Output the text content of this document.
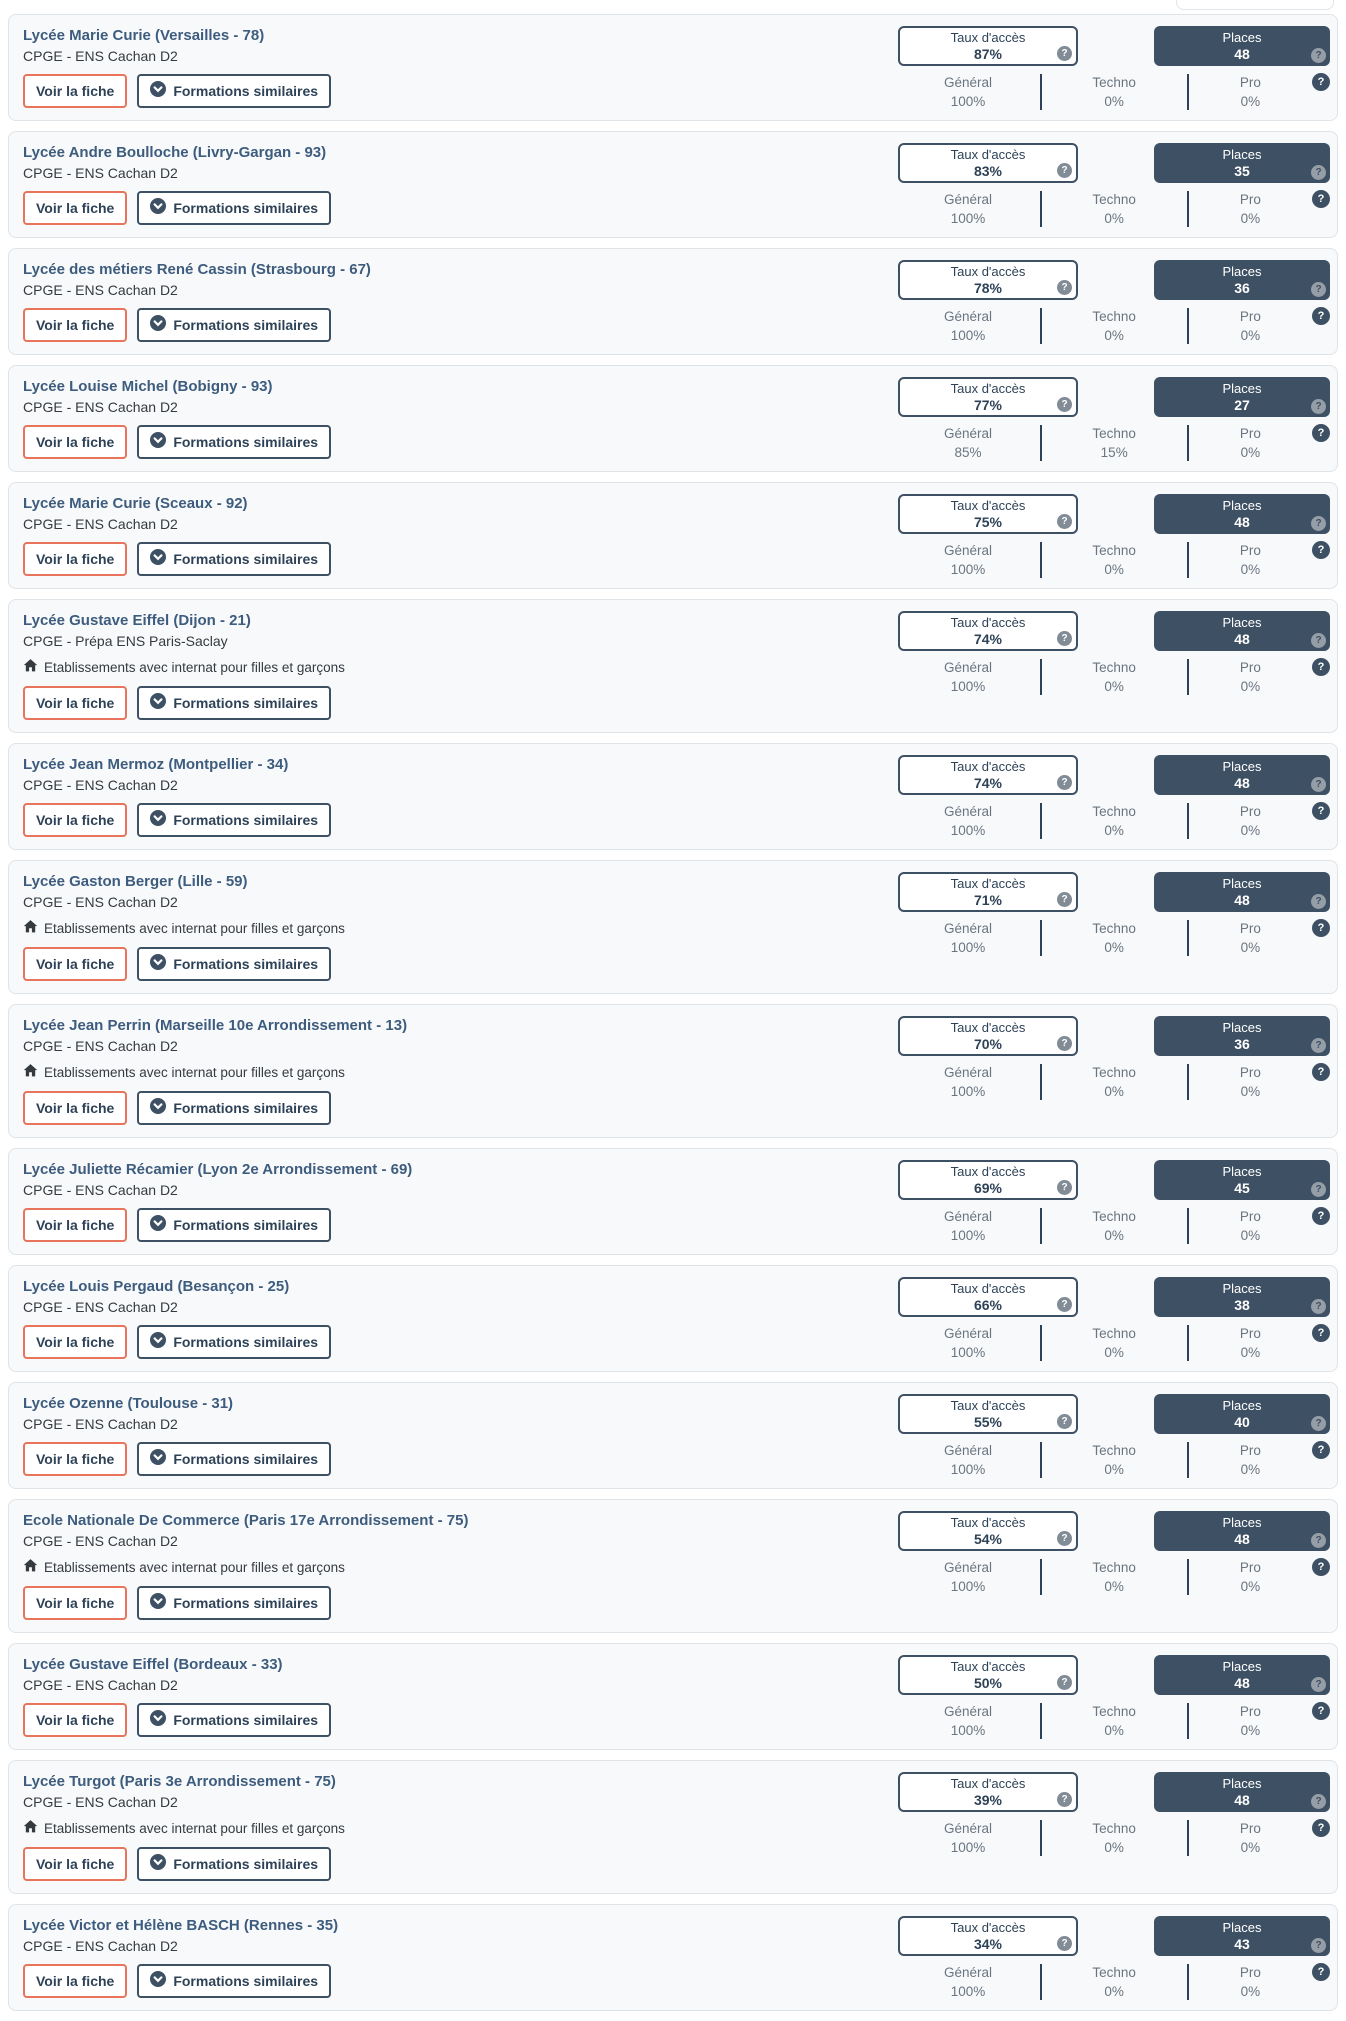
Lycée Marie Curie (Versailles - 78)
CPGE - ENS Cachan D2
Voir la fiche	Formations similaires
Taux d'accès
87%	?
Places
48	?
Général
100%
Techno
0%
Pro
0%
?
Lycée Andre Boulloche (Livry-Gargan - 93)
CPGE - ENS Cachan D2
Voir la fiche	Formations similaires
Taux d'accès
83%	?
Places
35	?
Général
100%
Techno
0%
Pro
0%
?
Lycée des métiers René Cassin (Strasbourg - 67)
CPGE - ENS Cachan D2
Voir la fiche	Formations similaires
Taux d'accès
78%	?
Places
36	?
Général
100%
Techno
0%
Pro
0%
?
Lycée Louise Michel (Bobigny - 93)
CPGE - ENS Cachan D2
Voir la fiche	Formations similaires
Taux d'accès
77%	?
Places
27	?
Général
85%
Techno
15%
Pro
0%
?
Lycée Marie Curie (Sceaux - 92)
CPGE - ENS Cachan D2
Voir la fiche	Formations similaires
Taux d'accès
75%	?
Places
48	?
Général
100%
Techno
0%
Pro
0%
?
Lycée Gustave Eiffel (Dijon - 21)
CPGE - Prépa ENS Paris-Saclay
Etablissements avec internat pour filles et garçons
Voir la fiche	Formations similaires
Taux d'accès
74%	?
Places
48	?
Général
100%
Techno
0%
Pro
0%
?
Lycée Jean Mermoz (Montpellier - 34)
CPGE - ENS Cachan D2
Voir la fiche	Formations similaires
Taux d'accès
74%	?
Places
48	?
Général
100%
Techno
0%
Pro
0%
?
Lycée Gaston Berger (Lille - 59)
CPGE - ENS Cachan D2
Etablissements avec internat pour filles et garçons
Voir la fiche	Formations similaires
Taux d'accès
71%	?
Places
48	?
Général
100%
Techno
0%
Pro
0%
?
Lycée Jean Perrin (Marseille 10e Arrondissement - 13)
CPGE - ENS Cachan D2
Etablissements avec internat pour filles et garçons
Voir la fiche	Formations similaires
Taux d'accès
70%	?
Places
36	?
Général
100%
Techno
0%
Pro
0%
?
Lycée Juliette Récamier (Lyon 2e Arrondissement - 69)
CPGE - ENS Cachan D2
Voir la fiche	Formations similaires
Taux d'accès
69%	?
Places
45	?
Général
100%
Techno
0%
Pro
0%
?
Lycée Louis Pergaud (Besançon - 25)
CPGE - ENS Cachan D2
Voir la fiche	Formations similaires
Taux d'accès
66%	?
Places
38	?
Général
100%
Techno
0%
Pro
0%
?
Lycée Ozenne (Toulouse - 31)
CPGE - ENS Cachan D2
Voir la fiche	Formations similaires
Taux d'accès
55%	?
Places
40	?
Général
100%
Techno
0%
Pro
0%
?
Ecole Nationale De Commerce (Paris 17e Arrondissement - 75)
CPGE - ENS Cachan D2
Etablissements avec internat pour filles et garçons
Voir la fiche	Formations similaires
Taux d'accès
54%	?
Places
48	?
Général
100%
Techno
0%
Pro
0%
?
Lycée Gustave Eiffel (Bordeaux - 33)
CPGE - ENS Cachan D2
Voir la fiche	Formations similaires
Taux d'accès
50%	?
Places
48	?
Général
100%
Techno
0%
Pro
0%
?
Lycée Turgot (Paris 3e Arrondissement - 75)
CPGE - ENS Cachan D2
Etablissements avec internat pour filles et garçons
Voir la fiche	Formations similaires
Taux d'accès
39%	?
Places
48	?
Général
100%
Techno
0%
Pro
0%
?
Lycée Victor et Hélène BASCH (Rennes - 35)
CPGE - ENS Cachan D2
Voir la fiche	Formations similaires
Taux d'accès
34%	?
Places
43	?
Général
100%
Techno
0%
Pro
0%
?
